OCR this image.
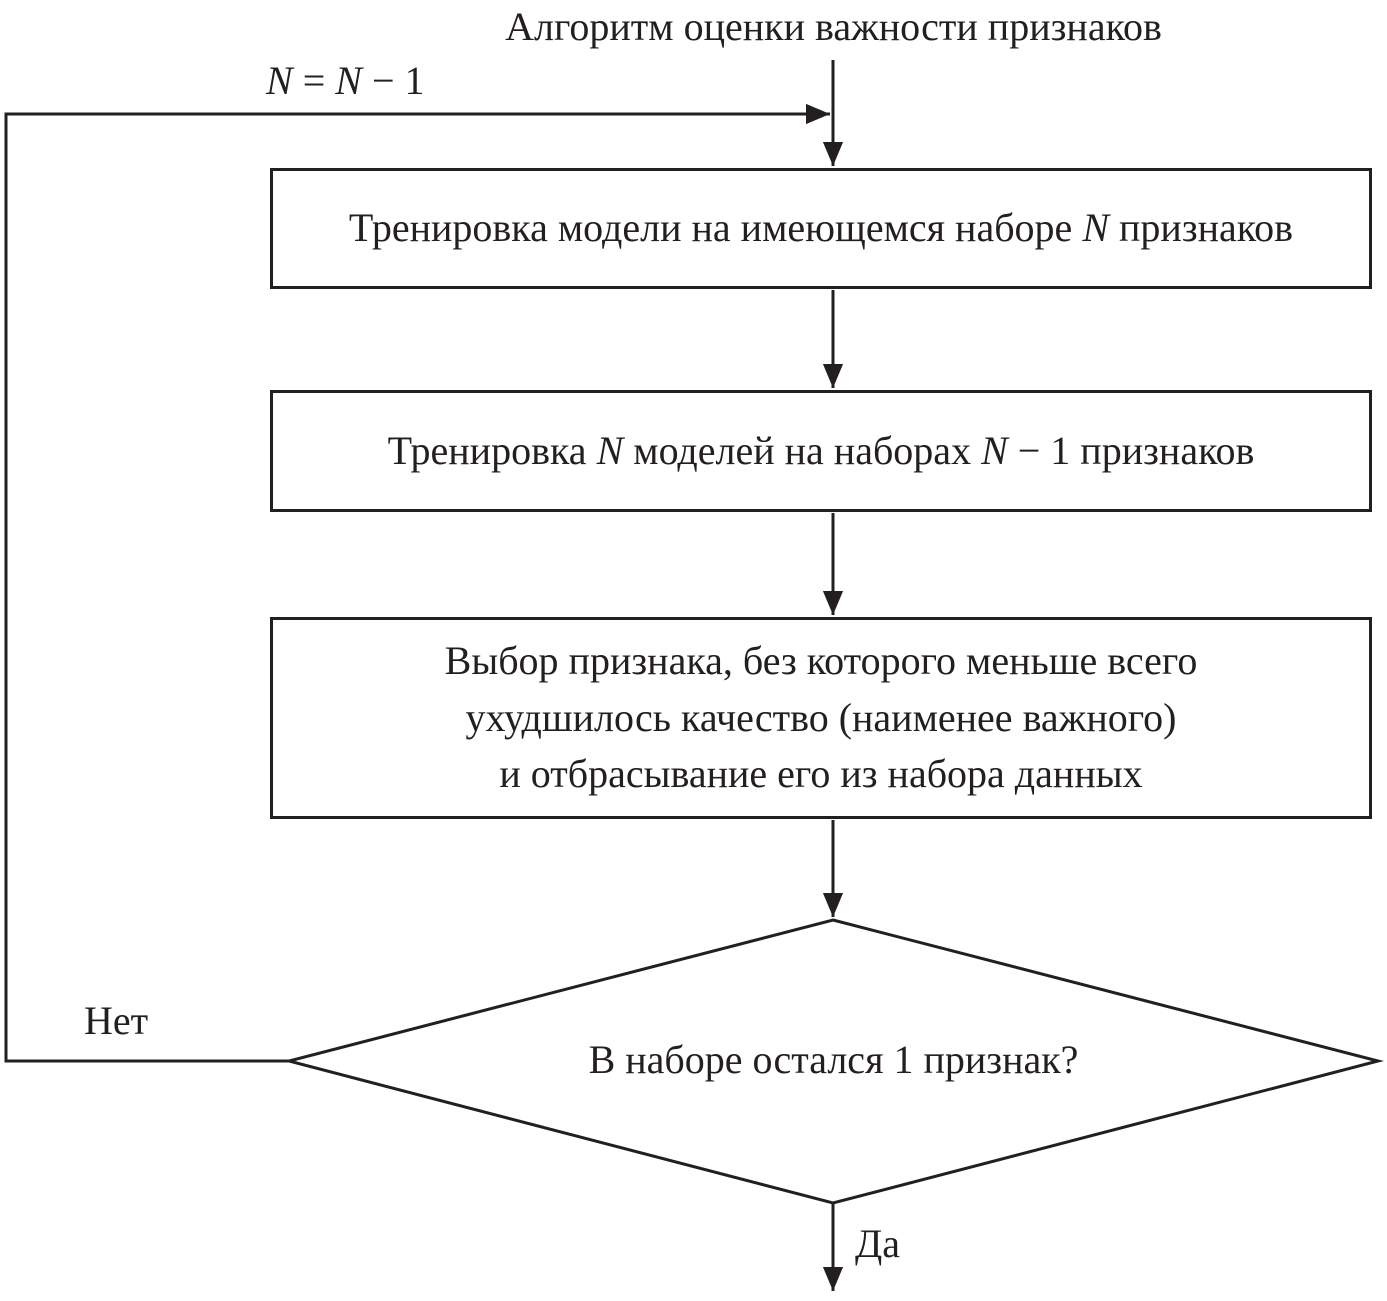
Алгоритм оценки важности признаков
N = N − 1
Тренировка модели на имеющемся наборе N признаков
Тренировка N моделей на наборах N − 1 признаков
Выбор признака, без которого меньше всего
ухудшилось качество (наименее важного)
и отбрасывание его из набора данных
В наборе остался 1 признак?
Нет
Да
